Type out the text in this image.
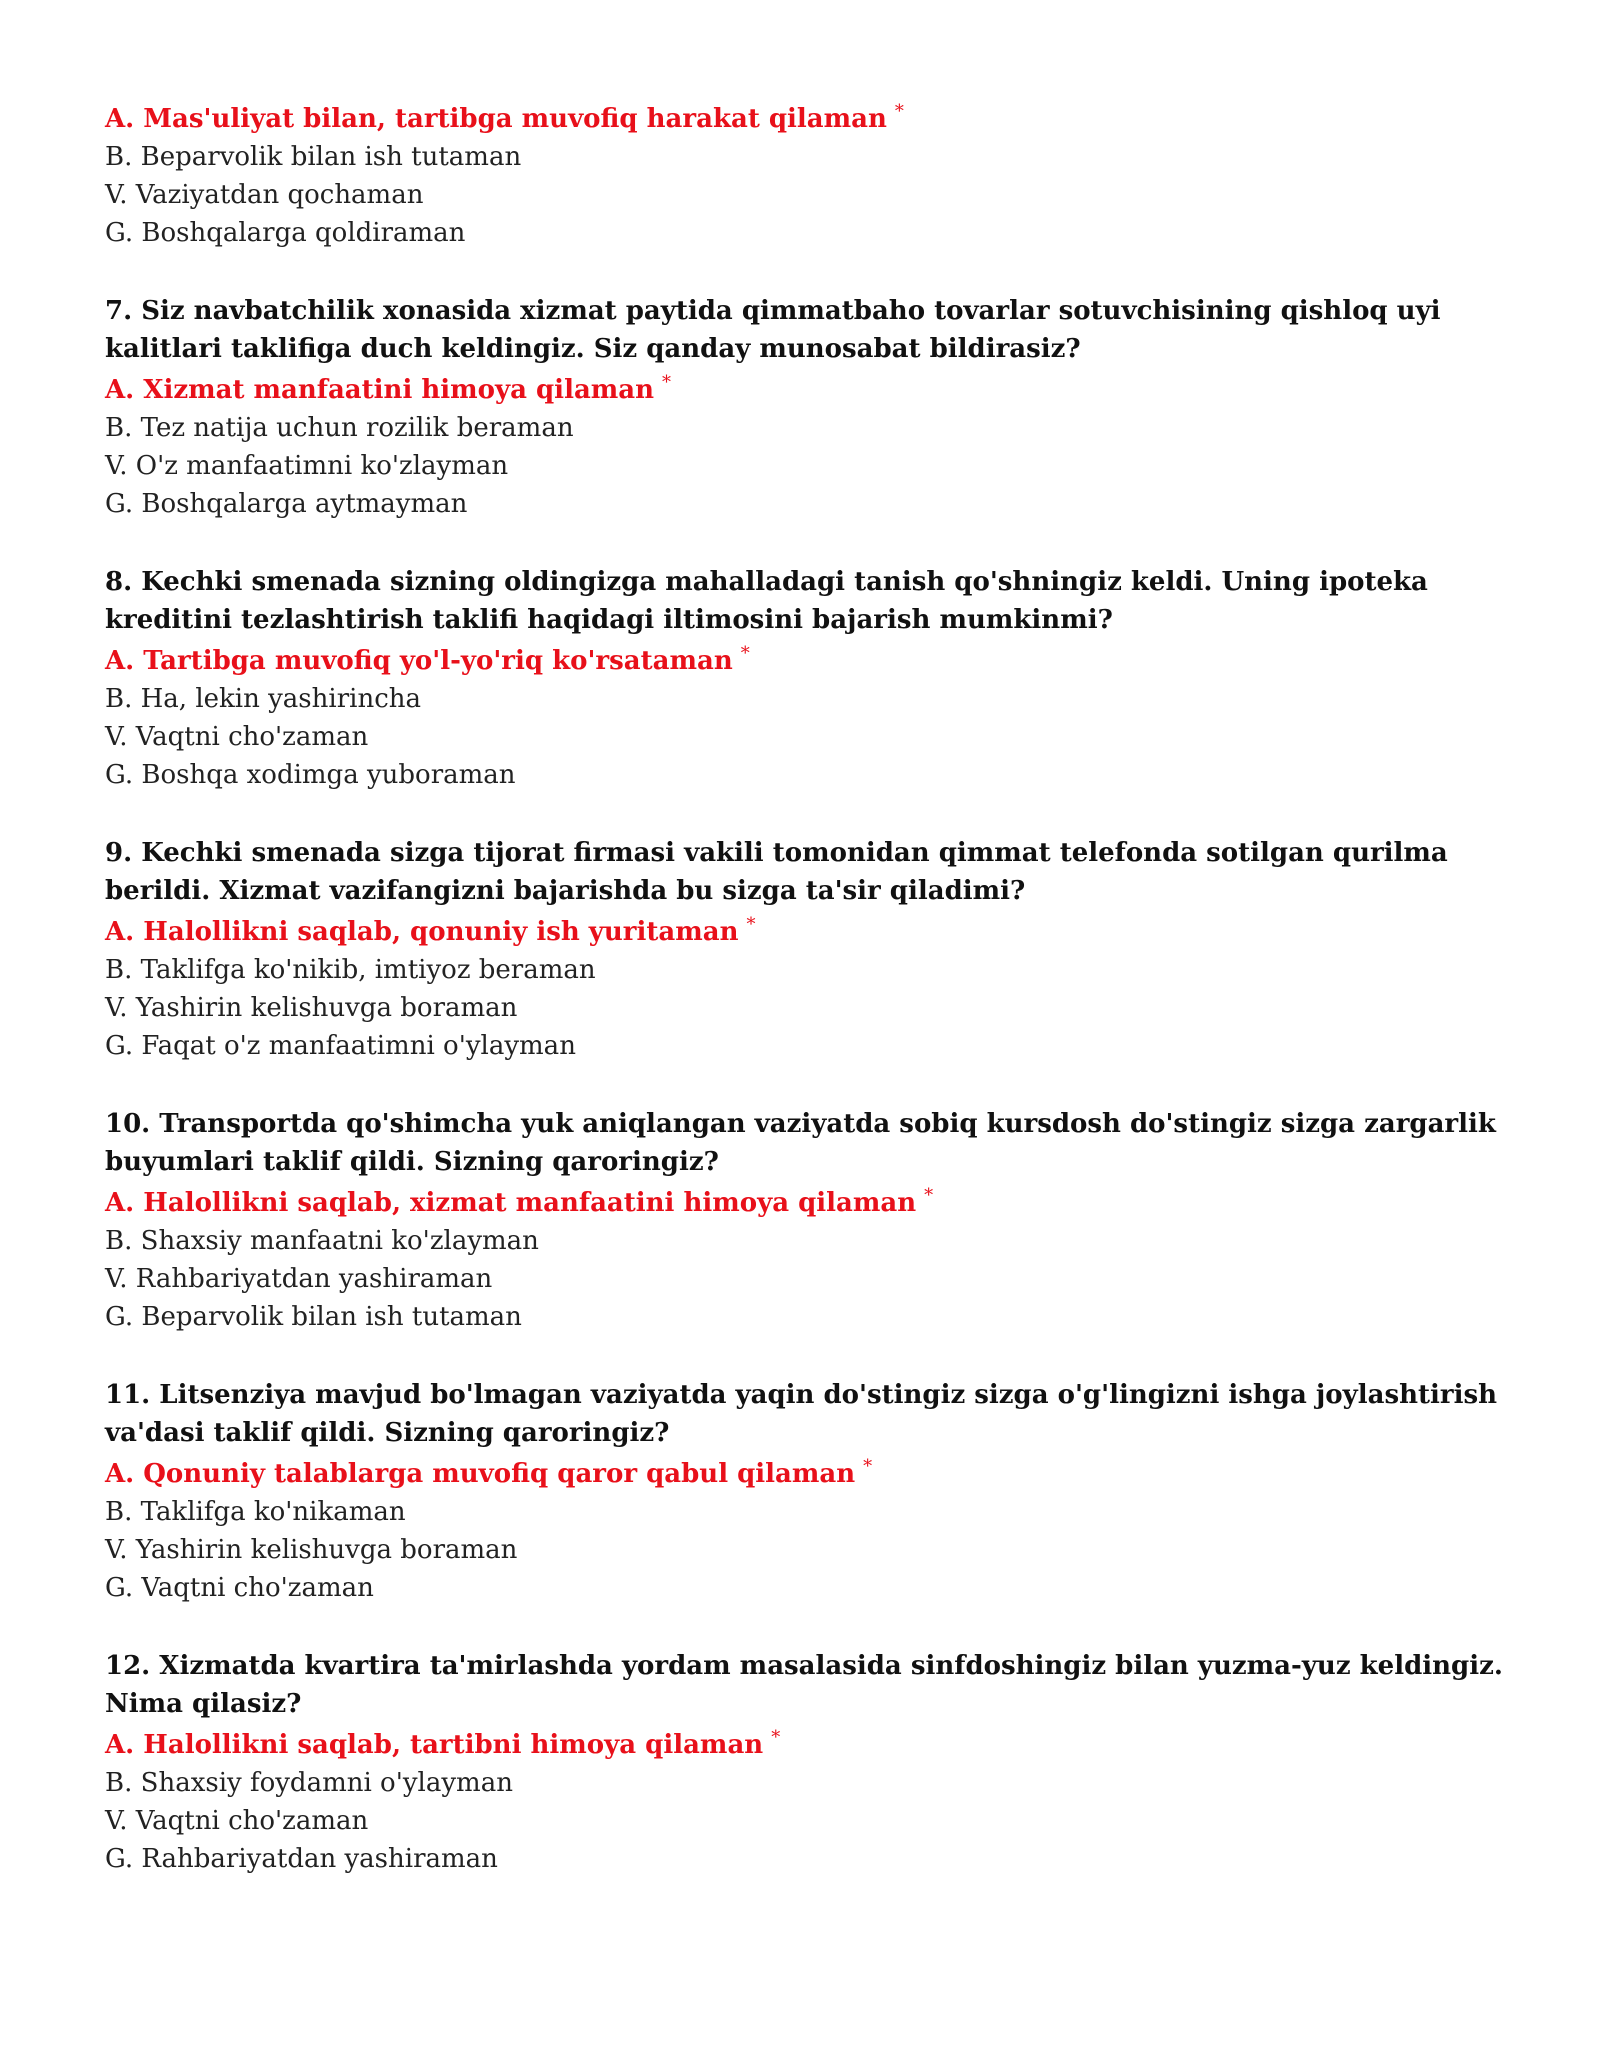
A. Mas'uliyat bilan, tartibga muvofiq harakat qilaman *
B. Beparvolik bilan ish tutaman
V. Vaziyatdan qochaman
G. Boshqalarga qoldiraman
7. Siz navbatchilik xonasida xizmat paytida qimmatbaho tovarlar sotuvchisining qishloq uyi kalitlari taklifiga duch keldingiz. Siz qanday munosabat bildirasiz?
A. Xizmat manfaatini himoya qilaman *
B. Tez natija uchun rozilik beraman
V. O'z manfaatimni ko'zlayman
G. Boshqalarga aytmayman
8. Kechki smenada sizning oldingizga mahalladagi tanish qo'shningiz keldi. Uning ipoteka kreditini tezlashtirish taklifi haqidagi iltimosini bajarish mumkinmi?
A. Tartibga muvofiq yo'l-yo'riq ko'rsataman *
B. Ha, lekin yashirincha
V. Vaqtni cho'zaman
G. Boshqa xodimga yuboraman
9. Kechki smenada sizga tijorat firmasi vakili tomonidan qimmat telefonda sotilgan qurilma berildi. Xizmat vazifangizni bajarishda bu sizga ta'sir qiladimi?
A. Halollikni saqlab, qonuniy ish yuritaman *
B. Taklifga ko'nikib, imtiyoz beraman
V. Yashirin kelishuvga boraman
G. Faqat o'z manfaatimni o'ylayman
10. Transportda qo'shimcha yuk aniqlangan vaziyatda sobiq kursdosh do'stingiz sizga zargarlik buyumlari taklif qildi. Sizning qaroringiz?
A. Halollikni saqlab, xizmat manfaatini himoya qilaman *
B. Shaxsiy manfaatni ko'zlayman
V. Rahbariyatdan yashiraman
G. Beparvolik bilan ish tutaman
11. Litsenziya mavjud bo'lmagan vaziyatda yaqin do'stingiz sizga o'g'lingizni ishga joylashtirish va'dasi taklif qildi. Sizning qaroringiz?
A. Qonuniy talablarga muvofiq qaror qabul qilaman *
B. Taklifga ko'nikaman
V. Yashirin kelishuvga boraman
G. Vaqtni cho'zaman
12. Xizmatda kvartira ta'mirlashda yordam masalasida sinfdoshingiz bilan yuzma-yuz keldingiz. Nima qilasiz?
A. Halollikni saqlab, tartibni himoya qilaman *
B. Shaxsiy foydamni o'ylayman
V. Vaqtni cho'zaman
G. Rahbariyatdan yashiraman
